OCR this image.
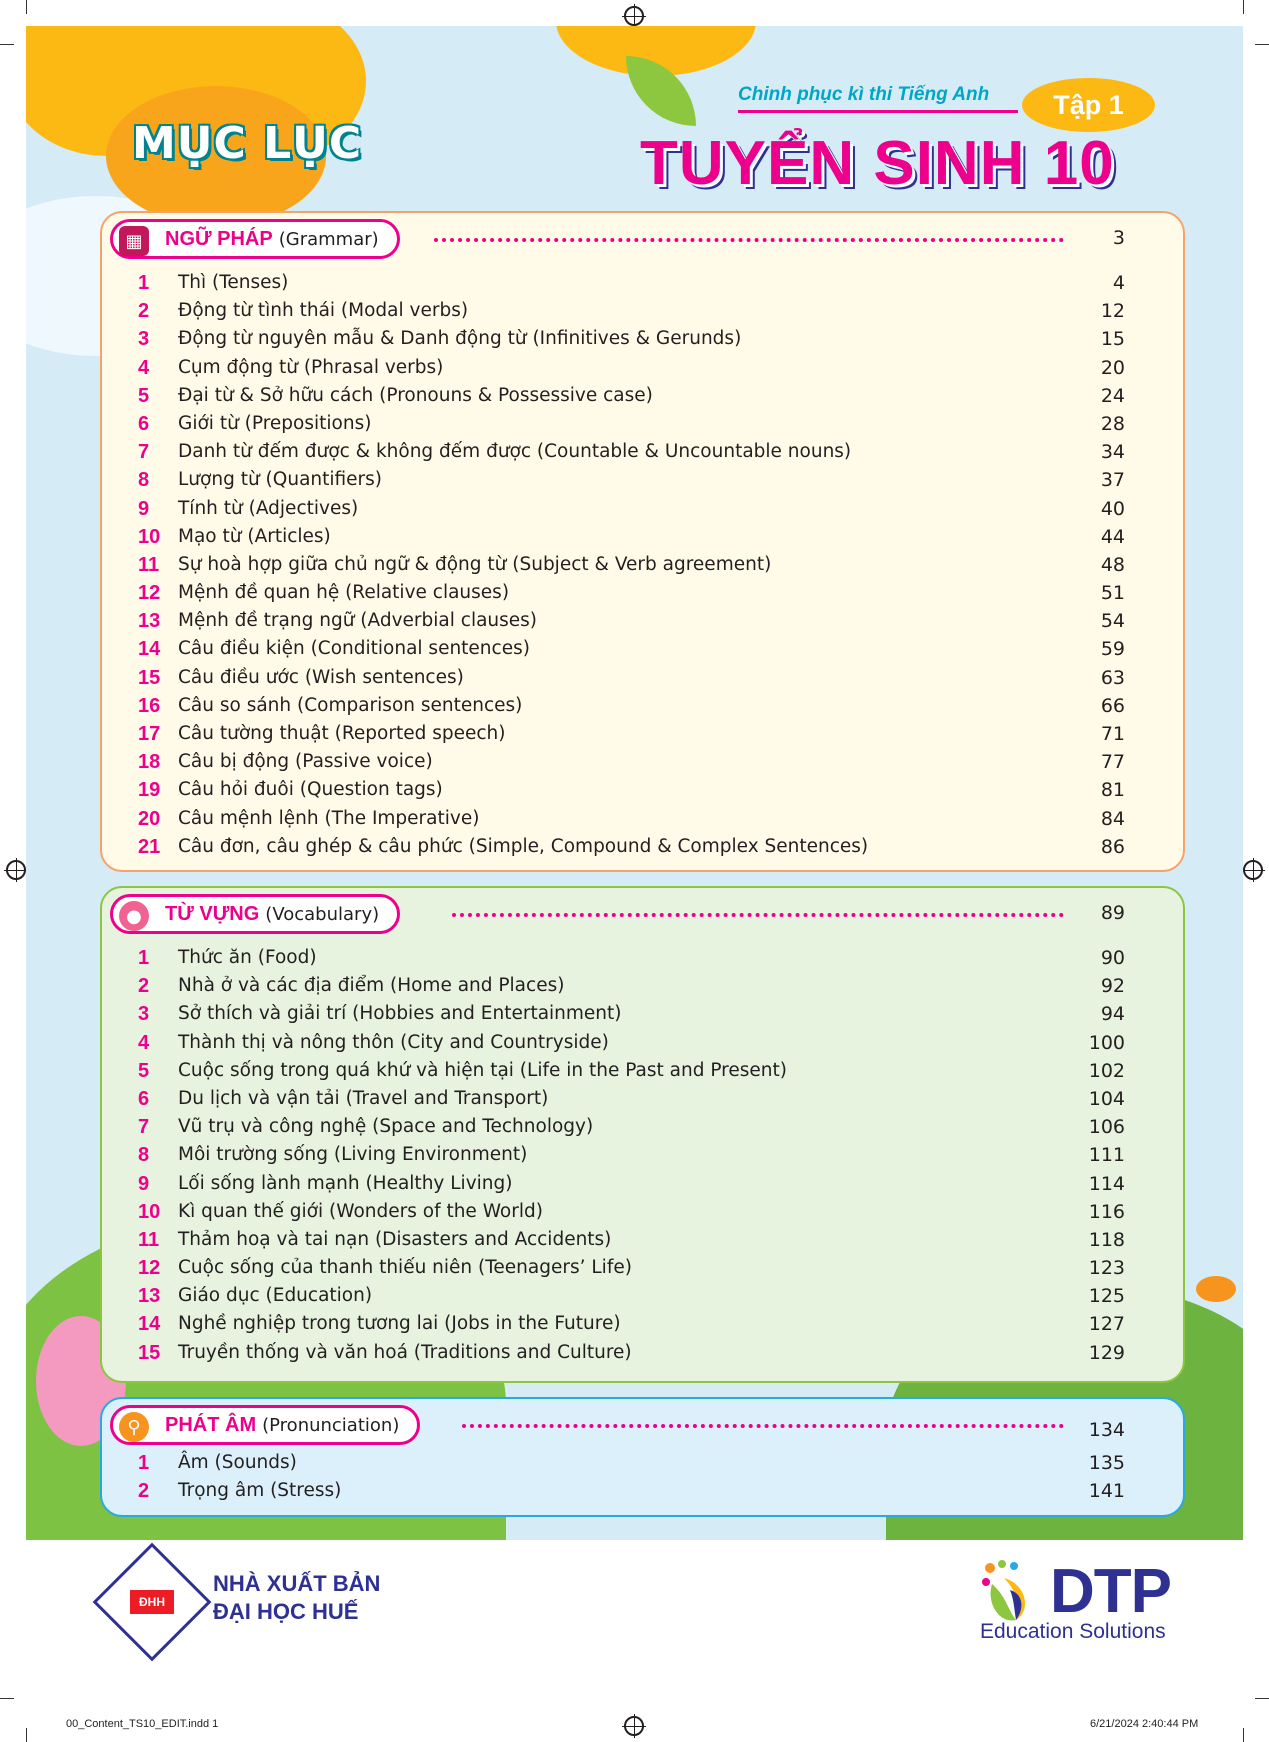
MỤC LỤC
Chinh phục kì thi Tiếng Anh	Tập 1
TUYỂN SINH 10
▦	NGỮ PHÁP (Grammar)	3
1	Thì (Tenses)	4
2	Động từ tình thái (Modal verbs)	12
3	Động từ nguyên mẫu & Danh động từ (Infinitives & Gerunds)	15
4	Cụm động từ (Phrasal verbs)	20
5	Đại từ & Sở hữu cách (Pronouns & Possessive case)	24
6	Giới từ (Prepositions)	28
7	Danh từ đếm được & không đếm được (Countable & Uncountable nouns)	34
8	Lượng từ (Quantifiers)	37
9	Tính từ (Adjectives)	40
10 Mạo từ (Articles)	44
11	Sự hoà hợp giữa chủ ngữ & động từ (Subject & Verb agreement)	48
12 Mệnh đề quan hệ (Relative clauses)	51
13 Mệnh đề trạng ngữ (Adverbial clauses)	54
14 Câu điều kiện (Conditional sentences)	59
15 Câu điều ước (Wish sentences)	63
16 Câu so sánh (Comparison sentences)	66
17 Câu tường thuật (Reported speech)	71
18 Câu bị động (Passive voice)	77
19 Câu hỏi đuôi (Question tags)	81
20 Câu mệnh lệnh (The Imperative)	84
21 Câu đơn, câu ghép & câu phức (Simple, Compound & Complex Sentences)	86
●	TỪ VỰNG (Vocabulary)	89
1	Thức ăn (Food)	90
2	Nhà ở và các địa điểm (Home and Places)	92
3	Sở thích và giải trí (Hobbies and Entertainment)	94
4	Thành thị và nông thôn (City and Countryside)	100
5	Cuộc sống trong quá khứ và hiện tại (Life in the Past and Present)	102
6	Du lịch và vận tải (Travel and Transport)	104
7	Vũ trụ và công nghệ (Space and Technology)	106
8	Môi trường sống (Living Environment)	111
9	Lối sống lành mạnh (Healthy Living)	114
10 Kì quan thế giới (Wonders of the World)	116
11	Thảm hoạ và tai nạn (Disasters and Accidents)	118
12 Cuộc sống của thanh thiếu niên (Teenagers’ Life)	123
13 Giáo dục (Education)	125
14 Nghề nghiệp trong tương lai (Jobs in the Future)	127
15 Truyền thống và văn hoá (Traditions and Culture)	129
⚲	PHÁT ÂM (Pronunciation)	134
1	Âm (Sounds)	135
2	Trọng âm (Stress)	141
ĐHH
NHÀ XUẤT BẢN
ĐẠI HỌC HUẾ	DTP
Education Solutions
00_Content_TS10_EDIT.indd 1	6/21/2024 2:40:44 PM
